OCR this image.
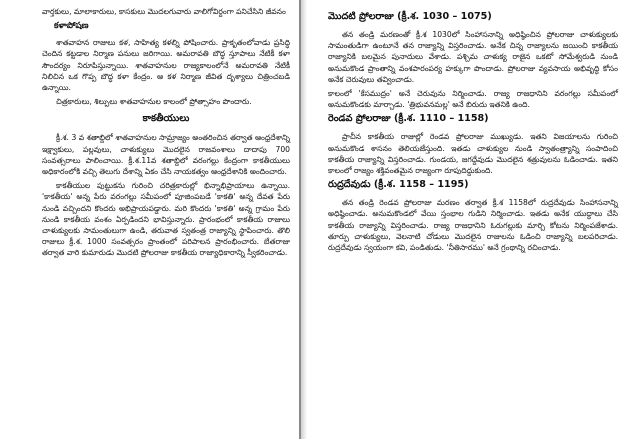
వార్తకులు, మాలాకారులు, కాసకులు మొదలగువారు వాలిగోవిర్దంగా పనిచేసిని జీవనం

కళాపోషణ

శాతవాహన రాజులు కళ, సాహిత్య కళల్ని పోషించారు. ప్రాకృతంలోవాడు ప్రసిద్ధి చెందిన కట్టడాల నిర్మాణ పనులు జరిగాయి. అమరావతి బౌద్ధ స్తూపాలు నేటికీ కళా సౌందర్యం నిరూపిస్తున్నాయి. శాతవాహనుల రాజ్యకాలంలోనే అమరావతి నేటికీ నిలిచిన ఒక గొప్ప బౌద్ధ కళా కేంద్రం. ఆ కళ నిర్మాణ జీవిత దృశ్యాలు చిత్రించబడి ఉన్నాయి.

చిత్రకారులు, శిల్పులు శాతవాహనుల కాలంలో ప్రోత్సాహం పొందారు.

కాకతీయులు

క్రీ.శ. 3 వ శతాబ్దిలో శాతవాహనుల సామ్రాజ్యం అంతరించిన తర్వాత ఆంధ్రదేశాన్ని ఇక్ష్వాకులు, పల్లవులు, చాళుక్యులు మొదలైన రాజవంశాలు దాదాపు 700 సంవత్సరాలు పాలించాయి. క్రీ.శ.11వ శతాబ్దిలో వరంగల్లు కేంద్రంగా కాకతీయులు అధికారంలోకి వచ్చి తెలుగు దేశాన్ని ఏకం చేసి నాయకత్వం ఆంధ్రదేశానికి అందించారు.

కాకతీయుల పుట్టుకను గురించి చరిత్రకారుల్లో భిన్నాభిప్రాయాలు ఉన్నాయి. 'కాకతీయ' అన్న పేరు వరంగల్లు సమీపంలో పూజింపబడే 'కాకతి' అన్న దేవత పేరు నుండి వచ్చిందని కొందరు అభిప్రాయపడ్డారు. మరి కొందరు 'కాకతి' అన్న గ్రామం పేరు నుండి కాకతీయ వంశం ఏర్పడిందని భావిస్తున్నారు. ప్రారంభంలో కాకతీయ రాజులు చాళుక్యులకు సామంతులుగా ఉండి, తరువాత స్వతంత్ర రాజ్యాన్ని స్థాపించారు. తొలి రాజులు క్రీ.శ. 1000 సంవత్సరం ప్రాంతంలో పరిపాలన ప్రారంభించారు. బేతరాజు తర్వాత వారి కుమారుడు మొదటి ప్రోలరాజు కాకతీయ రాజ్యాధికారాన్ని స్వీకరించాడు.

మొదటి ప్రోలరాజు (క్రీ.శ. 1030 – 1075)

తన తండ్రి మరణంతో క్రీ.శ 1030లో సింహాసనాన్ని అధిష్ఠించిన ప్రోలరాజు చాళుక్యులకు సామంతుడిగా ఉంటూనే తన రాజ్యాన్ని విస్తరించాడు. అనేక చిన్న రాజ్యాలను జయించి కాకతీయ రాజ్యానికి బలమైన పునాదులు వేశాడు. పశ్చిమ చాళుక్య రాజైన ఒకటో సోమేశ్వరుడి నుండి అనుమకొండ ప్రాంతాన్ని వంశపారంపర్య హక్కుగా పొందాడు. ప్రోలరాజు వ్యవసాయ అభివృద్ధి కోసం అనేక చెరువులు తవ్వించాడు.

కాలంలో 'కేసముద్రం' అనే చెరువును నిర్మించాడు. రాజ్య రాజధానిని వరంగల్లు సమీపంలో అనుమకొండకు మార్చాడు. 'త్రిభువనమల్ల' అనే బిరుదు ఇతనికి ఉంది.

రెండవ ప్రోలరాజు (క్రీ.శ. 1110 – 1158)

ప్రాచీన కాకతీయ రాజుల్లో రెండవ ప్రోలరాజు ముఖ్యుడు. ఇతని విజయాలను గురించి అనుమకొండ శాసనం తెలియజేస్తుంది. ఇతడు చాళుక్యుల నుండి స్వాతంత్ర్యాన్ని సంపాదించి కాకతీయ రాజ్యాన్ని విస్తరించాడు. గుండయ, జగద్దేవుడు మొదలైన శత్రువులను ఓడించాడు. ఇతని కాలంలో రాజ్యం శక్తివంతమైన రాజ్యంగా రూపుదిద్దుకుంది.

రుద్రదేవుడు (క్రీ.శ. 1158 – 1195)

తన తండ్రి రెండవ ప్రోలరాజు మరణం తర్వాత క్రీ.శ 1158లో రుద్రదేవుడు సింహాసనాన్ని అధిష్ఠించాడు. అనుమకొండలో వేయి స్తంభాల గుడిని నిర్మించాడు. ఇతడు అనేక యుద్ధాలు చేసి కాకతీయ రాజ్యాన్ని విస్తరించాడు. రాజ్య రాజధానిని ఓరుగల్లుకు మార్చి కోటను నిర్మింపజేశాడు. తూర్పు చాళుక్యులు, వెలనాటి చోడులు మొదలైన రాజులను ఓడించి రాజ్యాన్ని బలపరిచాడు. రుద్రదేవుడు స్వయంగా కవి, పండితుడు. 'నీతిసారము' అనే గ్రంథాన్ని రచించాడు.
